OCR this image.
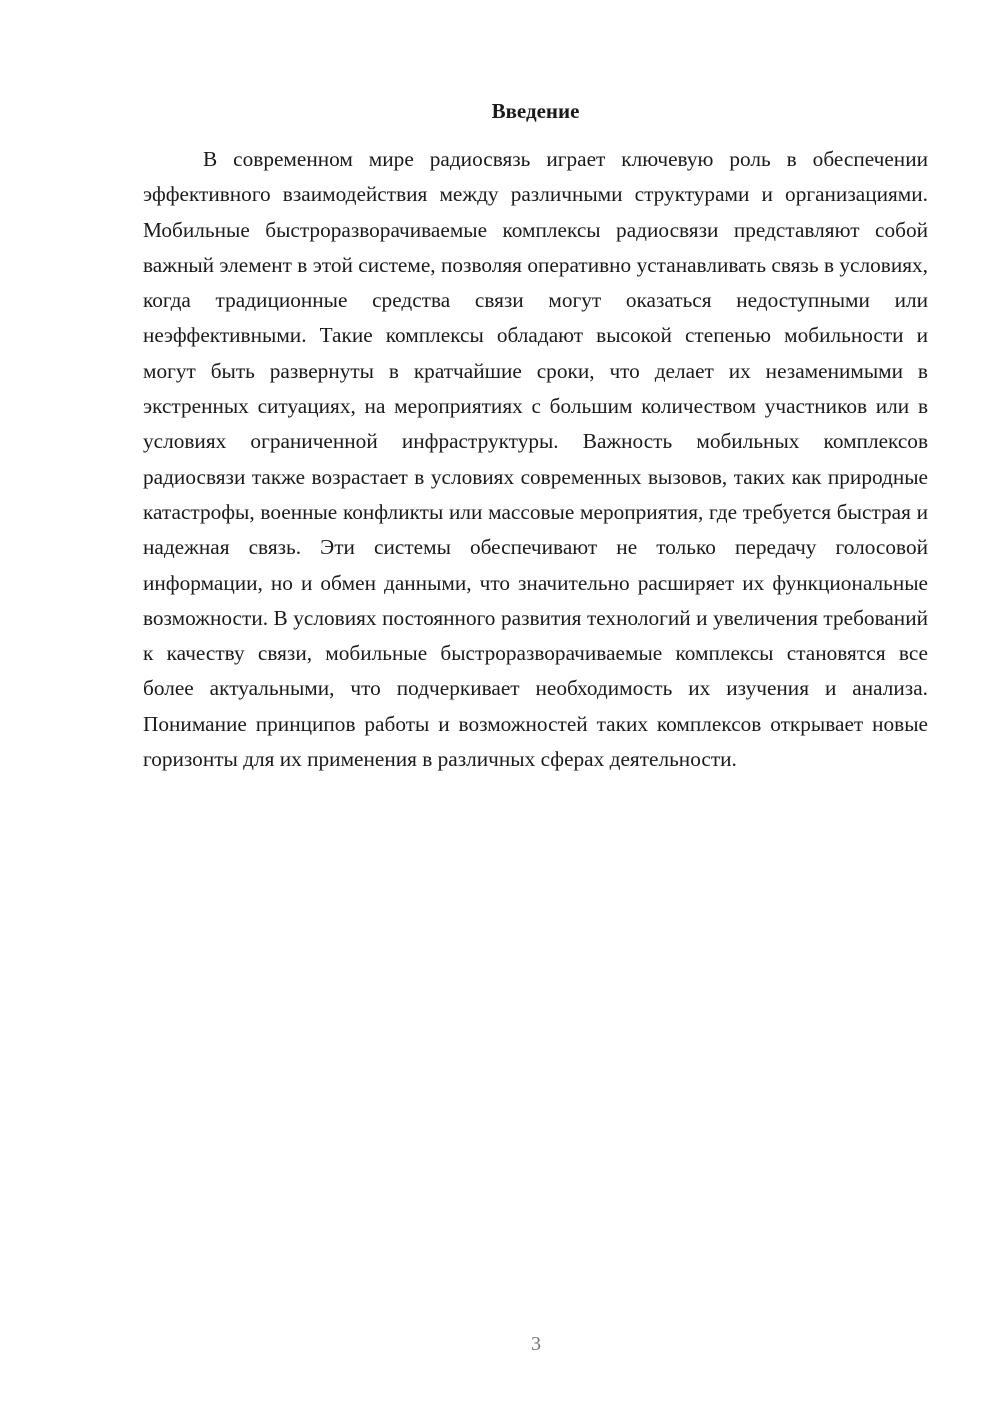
Введение

В современном мире радиосвязь играет ключевую роль в обеспечении эффективного взаимодействия между различными структурами и организациями. Мобильные быстроразворачиваемые комплексы радиосвязи представляют собой важный элемент в этой системе, позволяя оперативно устанавливать связь в условиях, когда традиционные средства связи могут оказаться недоступными или неэффективными. Такие комплексы обладают высокой степенью мобильности и могут быть развернуты в кратчайшие сроки, что делает их незаменимыми в экстренных ситуациях, на мероприятиях с большим количеством участников или в условиях ограниченной инфраструктуры. Важность мобильных комплексов радиосвязи также возрастает в условиях современных вызовов, таких как природные катастрофы, военные конфликты или массовые мероприятия, где требуется быстрая и надежная связь. Эти системы обеспечивают не только передачу голосовой информации, но и обмен данными, что значительно расширяет их функциональные возможности. В условиях постоянного развития технологий и увеличения требований к качеству связи, мобильные быстроразворачиваемые комплексы становятся все более актуальными, что подчеркивает необходимость их изучения и анализа. Понимание принципов работы и возможностей таких комплексов открывает новые горизонты для их применения в различных сферах деятельности.

3
